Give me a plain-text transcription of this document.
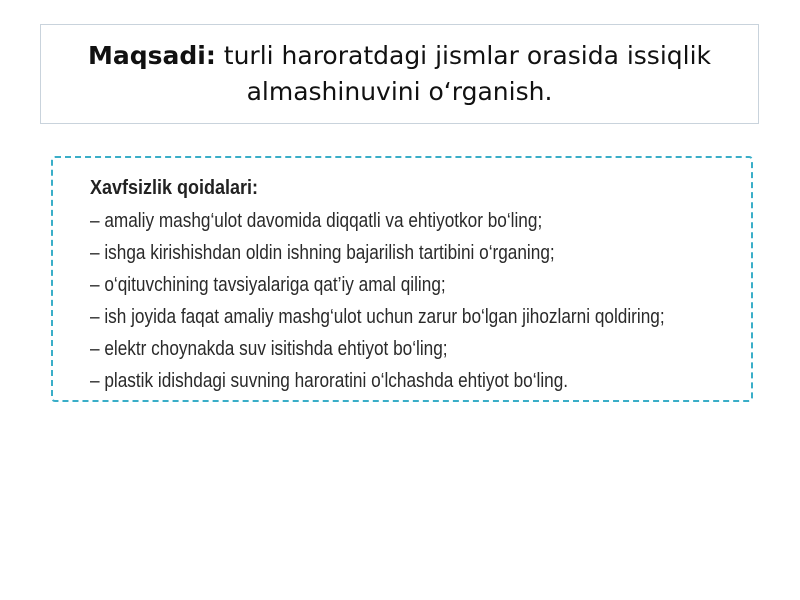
Maqsadi: turli haroratdagi jismlar orasida issiqlik almashinuvini o‘rganish.

Xavfsizlik qoidalari:
– amaliy mashg‘ulot davomida diqqatli va ehtiyotkor bo‘ling;
– ishga kirishishdan oldin ishning bajarilish tartibini o‘rganing;
– o‘qituvchining tavsiyalariga qat’iy amal qiling;
– ish joyida faqat amaliy mashg‘ulot uchun zarur bo‘lgan jihozlarni qoldiring;
– elektr choynakda suv isitishda ehtiyot bo‘ling;
– plastik idishdagi suvning haroratini o‘lchashda ehtiyot bo‘ling.
